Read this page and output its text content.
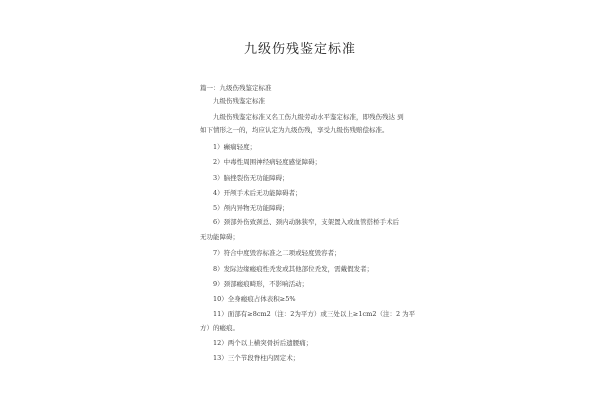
九级伤残鉴定标准
篇一：九级伤残鉴定标准
九级伤残鉴定标准
九级伤残鉴定标准又名工伤九级劳动水平鉴定标准，即残伤残达 到
如下情形之一的，均应认定为九级伤残，享受九级伤残赔偿标准。
1）癫痫轻度；
2）中毒性周围神经病轻度感觉障碍；
3）脑挫裂伤无功能障碍；
4）开颅手术后无功能障碍者；
5）颅内异物无功能障碍；
6）颈部外伤致颈总、颈内动脉狭窄，支架置入或血管搭桥手术后
无功能障碍；
7）符合中度毁容标准之二项或轻度毁容者；
8）发际边缘瘢痕性秃发或其他部位秃发，需戴假发者；
9）颈部瘢痕畸形，不影响活动；
10）全身瘢痕占体表积≥5%
11）面部有≥8cm2（注：2为平方）或三处以上≥1cm2（注：2 为平
方）的瘢痕。
12）两个以上横突骨折后遗腰痛；
13）三个节段脊柱内固定术；
